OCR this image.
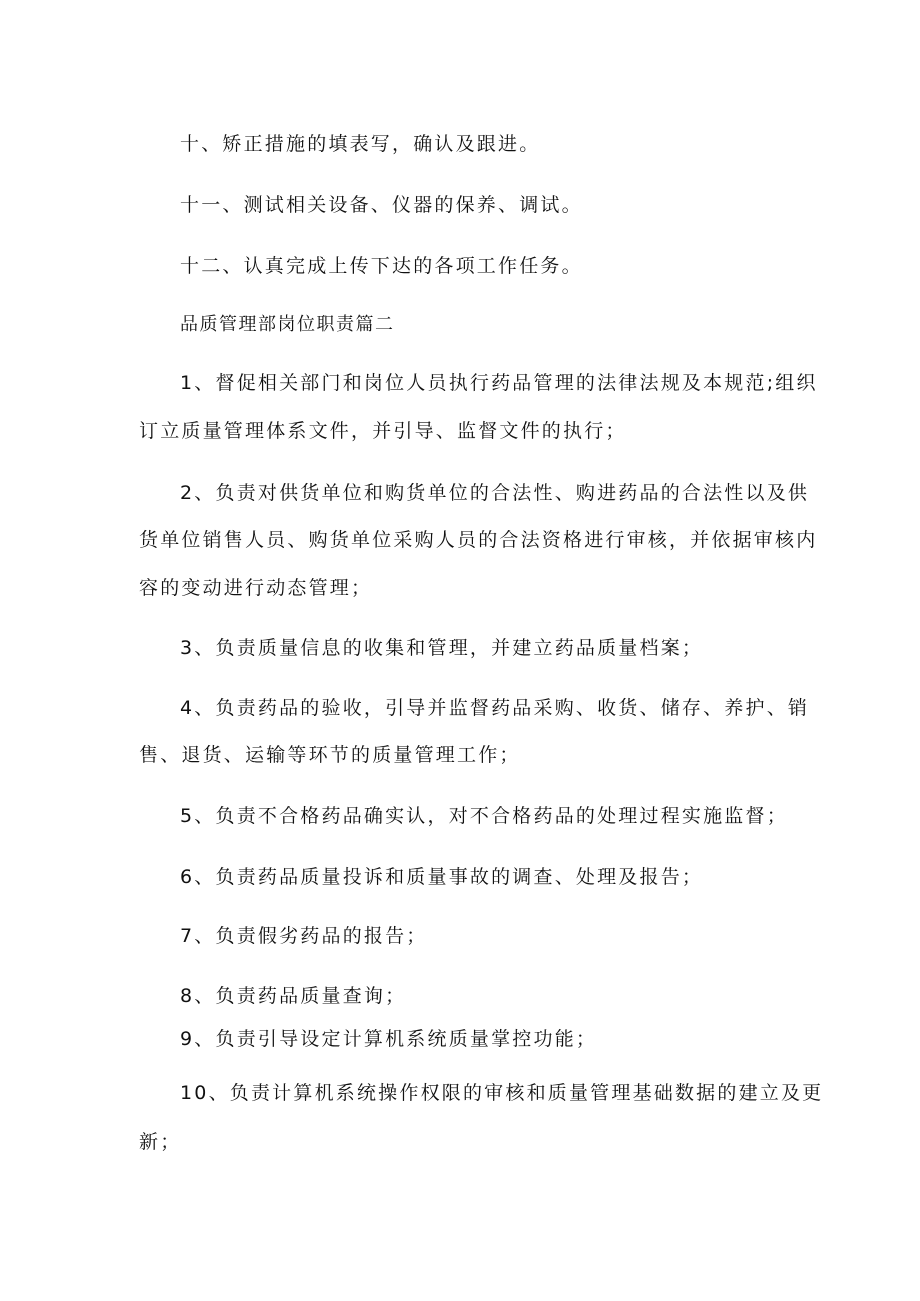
十、矫正措施的填表写，确认及跟进。
十一、测试相关设备、仪器的保养、调试。
十二、认真完成上传下达的各项工作任务。
品质管理部岗位职责篇二
1、督促相关部门和岗位人员执行药品管理的法律法规及本规范;组织
订立质量管理体系文件，并引导、监督文件的执行；
2、负责对供货单位和购货单位的合法性、购进药品的合法性以及供
货单位销售人员、购货单位采购人员的合法资格进行审核，并依据审核内
容的变动进行动态管理；
3、负责质量信息的收集和管理，并建立药品质量档案；
4、负责药品的验收，引导并监督药品采购、收货、储存、养护、销
售、退货、运输等环节的质量管理工作；
5、负责不合格药品确实认，对不合格药品的处理过程实施监督；
6、负责药品质量投诉和质量事故的调查、处理及报告；
7、负责假劣药品的报告；
8、负责药品质量查询；
9、负责引导设定计算机系统质量掌控功能；
10、负责计算机系统操作权限的审核和质量管理基础数据的建立及更
新；
